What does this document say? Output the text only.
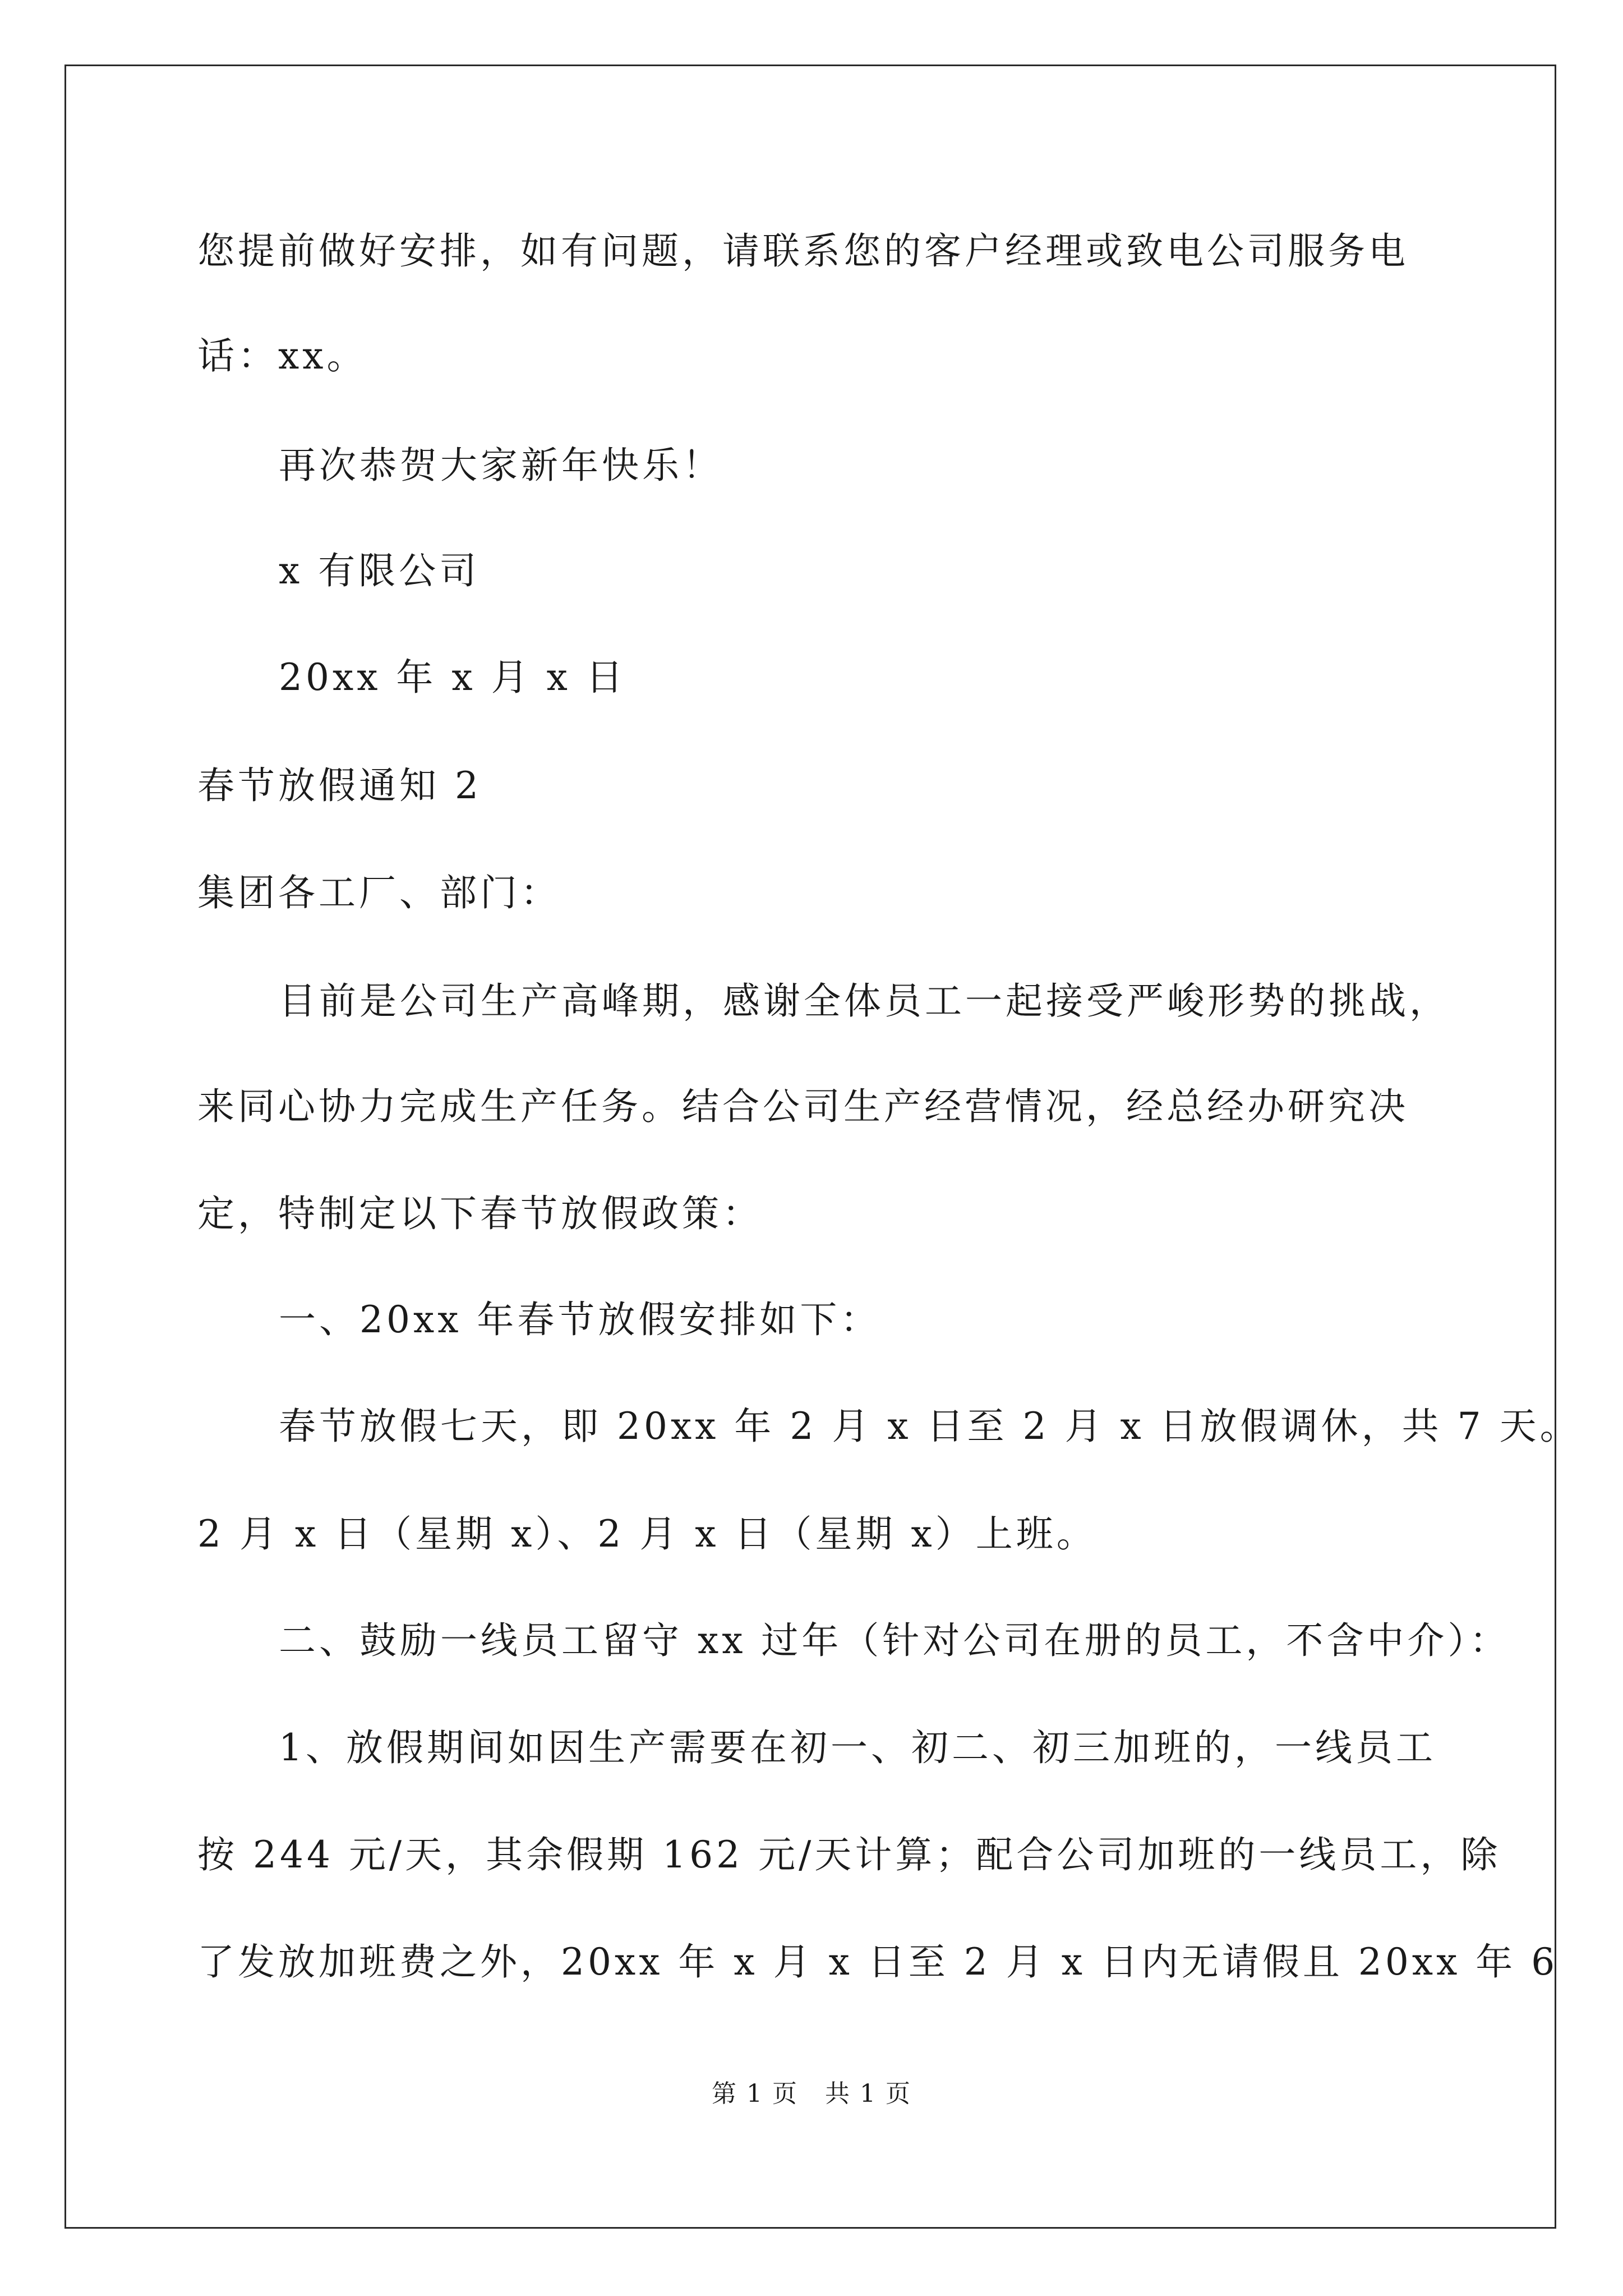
您提前做好安排，如有问题，请联系您的客户经理或致电公司服务电
话：xx。
再次恭贺大家新年快乐！
x 有限公司
20xx 年 x 月 x 日
春节放假通知 2
集团各工厂、部门：
目前是公司生产高峰期，感谢全体员工一起接受严峻形势的挑战，
来同心协力完成生产任务。结合公司生产经营情况，经总经办研究决
定，特制定以下春节放假政策：
一、20xx 年春节放假安排如下：
春节放假七天，即 20xx 年 2 月 x 日至 2 月 x 日放假调休，共 7 天。
2 月 x 日（星期 x）、2 月 x 日（星期 x）上班。
二、鼓励一线员工留守 xx 过年（针对公司在册的员工，不含中介）：
1、放假期间如因生产需要在初一、初二、初三加班的，一线员工
按 244 元/天，其余假期 162 元/天计算；配合公司加班的一线员工，除
了发放加班费之外，20xx 年 x 月 x 日至 2 月 x 日内无请假且 20xx 年 6
第 1 页   共 1 页
